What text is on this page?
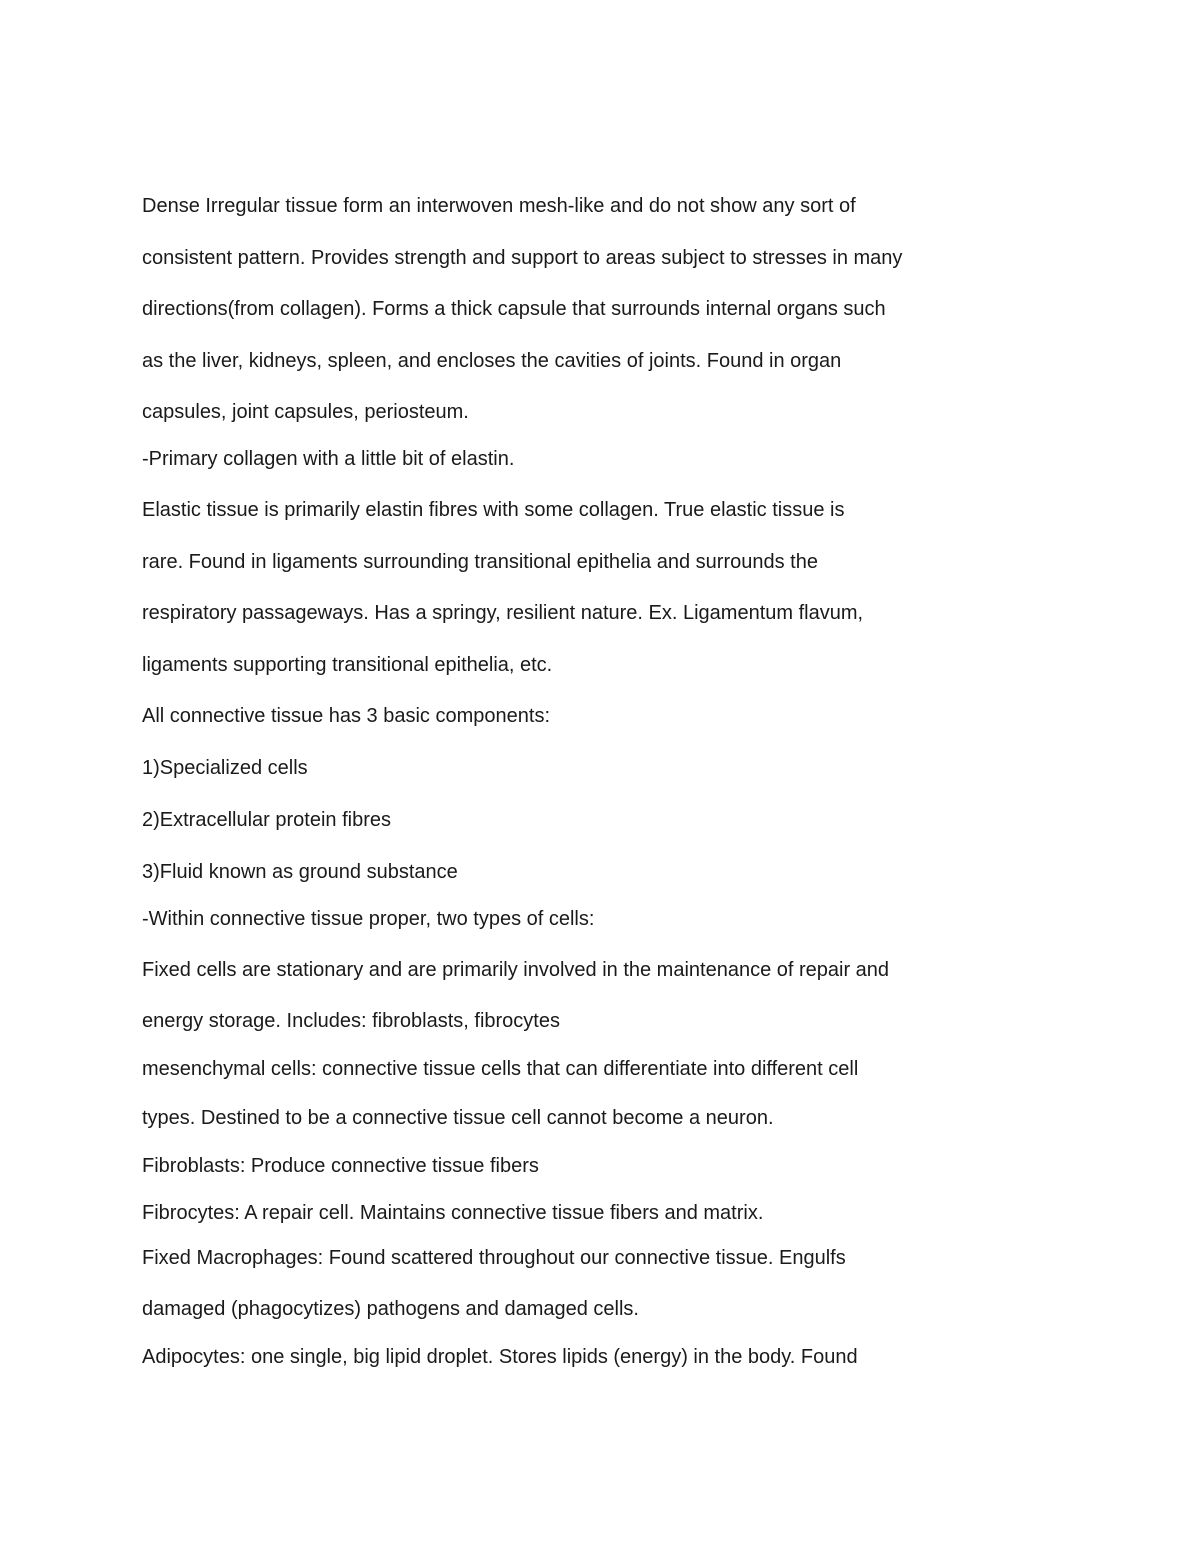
Dense Irregular tissue form an interwoven mesh-like and do not show any sort of

consistent pattern. Provides strength and support to areas subject to stresses in many

directions(from collagen). Forms a thick capsule that surrounds internal organs such

as the liver, kidneys, spleen, and encloses the cavities of joints. Found in organ

capsules, joint capsules, periosteum.

-Primary collagen with a little bit of elastin.

Elastic tissue is primarily elastin fibres with some collagen. True elastic tissue is

rare. Found in ligaments surrounding transitional epithelia and surrounds the

respiratory passageways. Has a springy, resilient nature. Ex. Ligamentum flavum,

ligaments supporting transitional epithelia, etc.

All connective tissue has 3 basic components:

1)Specialized cells

2)Extracellular protein fibres

3)Fluid known as ground substance

-Within connective tissue proper, two types of cells:

Fixed cells are stationary and are primarily involved in the maintenance of repair and

energy storage. Includes: fibroblasts, fibrocytes

mesenchymal cells: connective tissue cells that can differentiate into different cell

types. Destined to be a connective tissue cell cannot become a neuron.

Fibroblasts: Produce connective tissue fibers

Fibrocytes: A repair cell. Maintains connective tissue fibers and matrix.

Fixed Macrophages: Found scattered throughout our connective tissue. Engulfs

damaged (phagocytizes) pathogens and damaged cells.

Adipocytes: one single, big lipid droplet. Stores lipids (energy) in the body. Found
